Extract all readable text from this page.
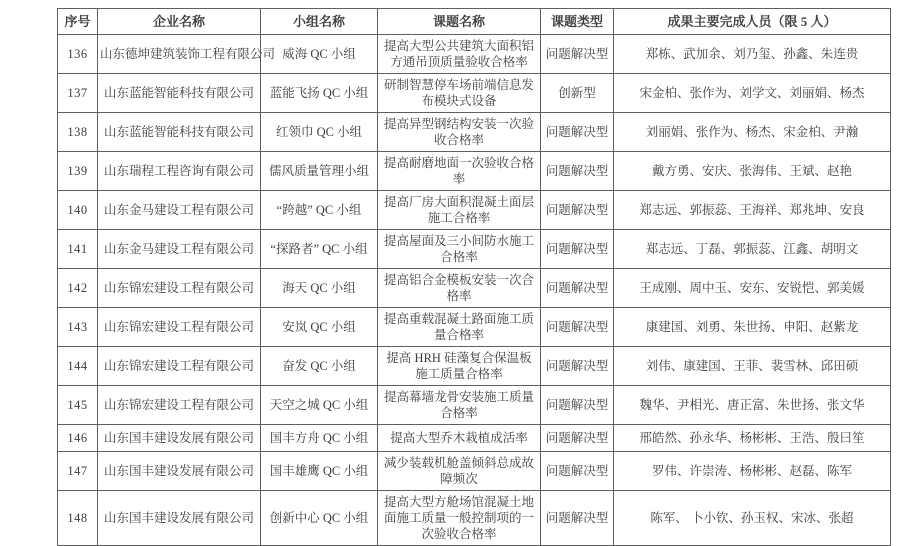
序号	企业名称	小组名称	课题名称	课题类型	成果主要完成人员（限 5 人）
136	山东德坤建筑装饰工程有限公司	威海 QC 小组	提高大型公共建筑大面积铝方通吊顶质量验收合格率	问题解决型	郑栋、武加余、刘乃玺、孙鑫、朱连贵
137	山东蓝能智能科技有限公司	蓝能飞扬 QC 小组	研制智慧停车场前端信息发布模块式设备	创新型	宋金柏、张作为、刘学文、刘丽娟、杨杰
138	山东蓝能智能科技有限公司	红领巾 QC 小组	提高异型钢结构安装一次验收合格率	问题解决型	刘丽娟、张作为、杨杰、宋金柏、尹瀚
139	山东瑞程工程咨询有限公司	儒风质量管理小组	提高耐磨地面一次验收合格率	问题解决型	戴方勇、安庆、张海伟、王斌、赵艳
140	山东金马建设工程有限公司	“跨越” QC 小组	提高厂房大面积混凝土面层施工合格率	问题解决型	郑志远、郭振蕊、王海祥、郑兆坤、安良
141	山东金马建设工程有限公司	“探路者” QC 小组	提高屋面及三小间防水施工合格率	问题解决型	郑志远、丁磊、郭振蕊、江鑫、胡明文
142	山东锦宏建设工程有限公司	海天 QC 小组	提高铝合金模板安装一次合格率	问题解决型	王成刚、周中玉、安东、安锐恺、郭美媛
143	山东锦宏建设工程有限公司	安岚 QC 小组	提高重载混凝土路面施工质量合格率	问题解决型	康建国、刘勇、朱世扬、申阳、赵紫龙
144	山东锦宏建设工程有限公司	奋发 QC 小组	提高 HRH 硅藻复合保温板施工质量合格率	问题解决型	刘伟、康建国、王菲、裴雪林、邱田硕
145	山东锦宏建设工程有限公司	天空之城 QC 小组	提高幕墙龙骨安装施工质量合格率	问题解决型	魏华、尹相光、唐正富、朱世扬、张文华
146	山东国丰建设发展有限公司	国丰方舟 QC 小组	提高大型乔木栽植成活率	问题解决型	邢皓然、孙永华、杨彬彬、王浩、殷曰笙
147	山东国丰建设发展有限公司	国丰雄鹰 QC 小组	减少装载机舱盖倾斜总成故障频次	问题解决型	罗伟、许崇涛、杨彬彬、赵磊、陈军
148	山东国丰建设发展有限公司	创新中心 QC 小组	提高大型方舱场馆混凝土地面施工质量一般控制项的一次验收合格率	问题解决型	陈军、 卜小钦、孙玉权、宋冰、张超
